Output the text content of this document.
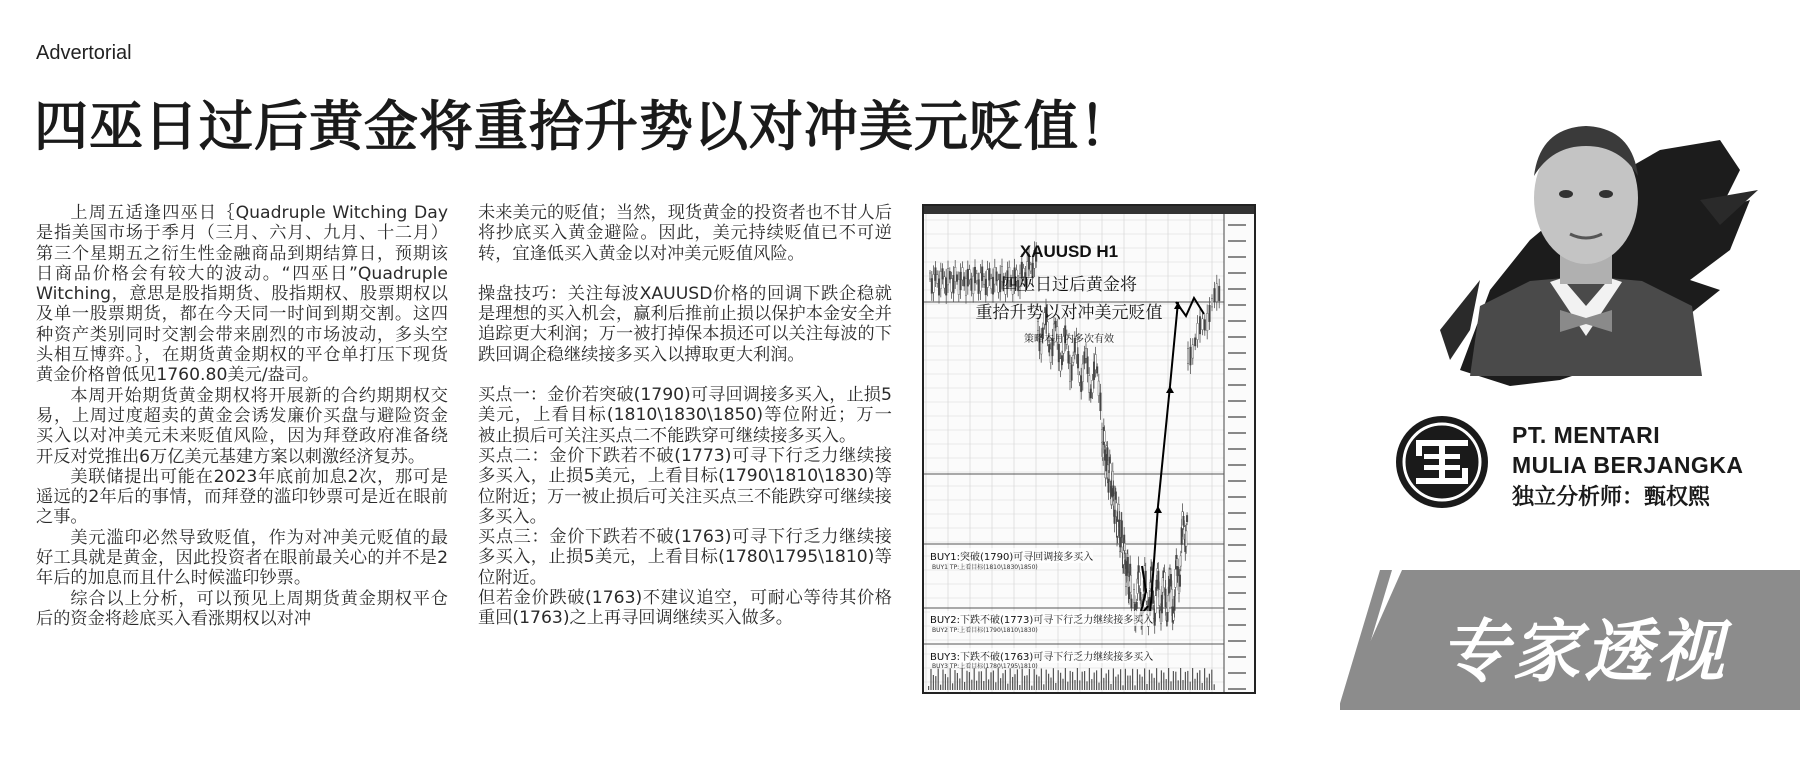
Advertorial
四巫日过后黄金将重拾升势以对冲美元贬值！

上周五适逢四巫日｛Quadruple Witching Day　是指美国市场于季月（三月、六月、九月、十二月）第三个星期五之衍生性金融商品到期结算日，预期该日商品价格会有较大的波动。“四巫日”Quadruple Witching，意思是股指期货、股指期权、股票期权以及单一股票期货，都在今天同一时间到期交割。这四种资产类别同时交割会带来剧烈的市场波动，多头空头相互博弈。｝，在期货黄金期权的平仓单打压下现货黄金价格曾低见1760.80美元/盎司。

本周开始期货黄金期权将开展新的合约期期权交易，上周过度超卖的黄金会诱发廉价买盘与避险资金买入以对冲美元未来贬值风险，因为拜登政府准备绕开反对党推出6万亿美元基建方案以刺激经济复苏。

美联储提出可能在2023年底前加息2次，那可是遥远的2年后的事情，而拜登的滥印钞票可是近在眼前之事。

美元滥印必然导致贬值，作为对冲美元贬值的最好工具就是黄金，因此投资者在眼前最关心的并不是2年后的加息而且什么时候滥印钞票。

综合以上分析，可以预见上周期货黄金期权平仓后的资金将趁底买入看涨期权以对冲

未来美元的贬值；当然，现货黄金的投资者也不甘人后将抄底买入黄金避险。因此，美元持续贬值已不可逆转，宜逢低买入黄金以对冲美元贬值风险。

操盘技巧：关注每波XAUUSD价格的回调下跌企稳就是理想的买入机会，赢利后推前止损以保护本金安全并追踪更大利润；万一被打掉保本损还可以关注每波的下跌回调企稳继续接多买入以搏取更大利润。

买点一：金价若突破(1790)可寻回调接多买入，止损5美元，上看目标(1810\1830\1850)等位附近；万一被止损后可关注买点二不能跌穿可继续接多买入。

买点二：金价下跌若不破(1773)可寻下行乏力继续接多买入，止损5美元，上看目标(1790\1810\1830)等位附近；万一被止损后可关注买点三不能跌穿可继续接多买入。

买点三：金价下跌若不破(1763)可寻下行乏力继续接多买入，止损5美元，上看目标(1780\1795\1810)等位附近。

但若金价跌破(1763)不建议追空，可耐心等待其价格重回(1763)之上再寻回调继续买入做多。

XAUUSD H1
四巫日过后黄金将
重拾升势以对冲美元贬值
策略本月内多次有效
BUY1:突破(1790)可寻回调接多买入
BUY1 TP:上看目标(1810\1830\1850)
BUY2:下跌不破(1773)可寻下行乏力继续接多买入
BUY2 TP:上看目标(1790\1810\1830)
BUY3:下跌不破(1763)可寻下行乏力继续接多买入
BUY3 TP:上看目标(1780\1795\1810)
PT. MENTARI
MULIA BERJANGKA
独立分析师：甄权熙
专家透视
